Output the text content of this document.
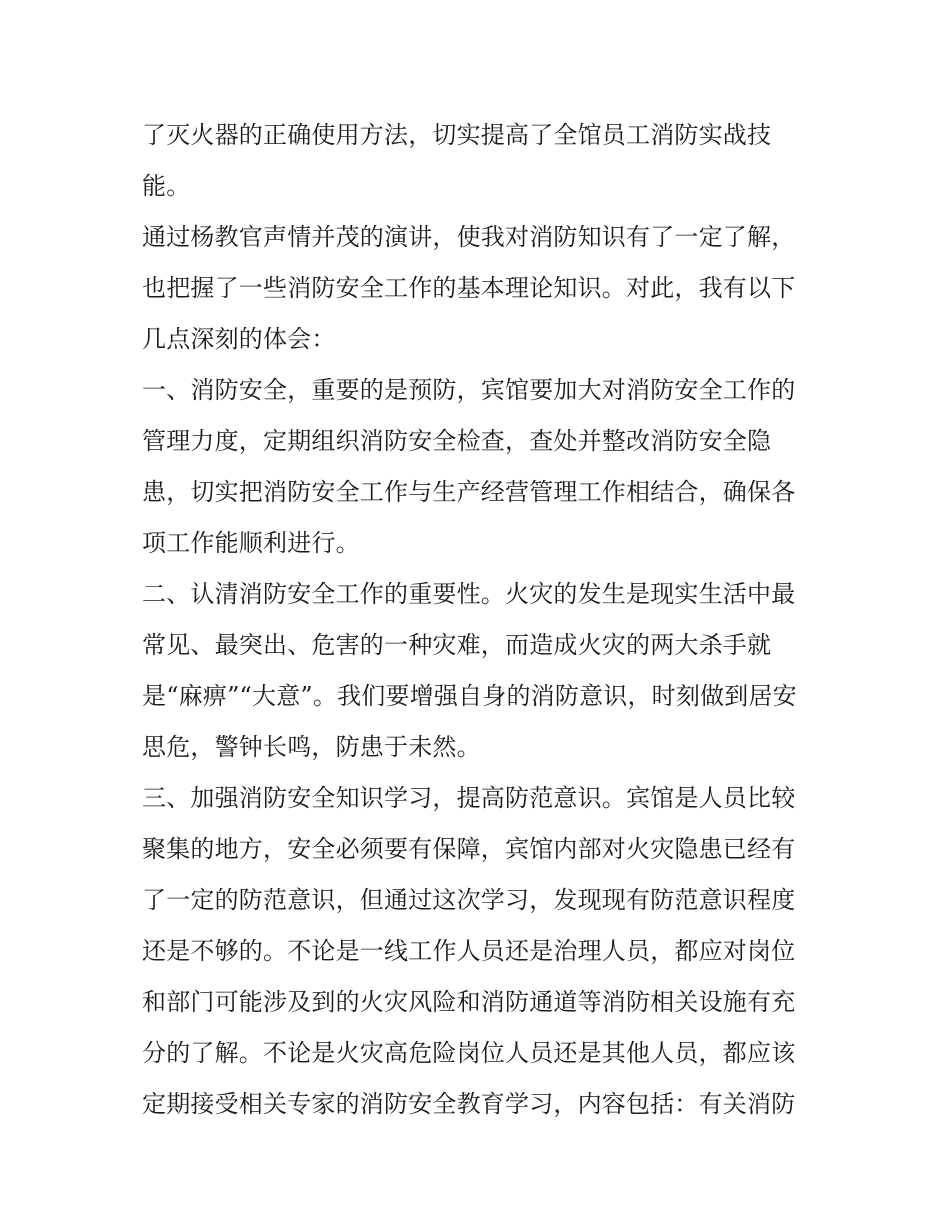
了灭火器的正确使用方法，切实提高了全馆员工消防实战技
能。
通过杨教官声情并茂的演讲，使我对消防知识有了一定了解，
也把握了一些消防安全工作的基本理论知识。对此，我有以下
几点深刻的体会：
一、消防安全，重要的是预防，宾馆要加大对消防安全工作的
管理力度，定期组织消防安全检查，查处并整改消防安全隐
患，切实把消防安全工作与生产经营管理工作相结合，确保各
项工作能顺利进行。
二、认清消防安全工作的重要性。火灾的发生是现实生活中最
常见、最突出、危害的一种灾难，而造成火灾的两大杀手就
是“麻痹”“大意”。我们要增强自身的消防意识，时刻做到居安
思危，警钟长鸣，防患于未然。
三、加强消防安全知识学习，提高防范意识。宾馆是人员比较
聚集的地方，安全必须要有保障，宾馆内部对火灾隐患已经有
了一定的防范意识，但通过这次学习，发现现有防范意识程度
还是不够的。不论是一线工作人员还是治理人员，都应对岗位
和部门可能涉及到的火灾风险和消防通道等消防相关设施有充
分的了解。不论是火灾高危险岗位人员还是其他人员，都应该
定期接受相关专家的消防安全教育学习，内容包括：有关消防
